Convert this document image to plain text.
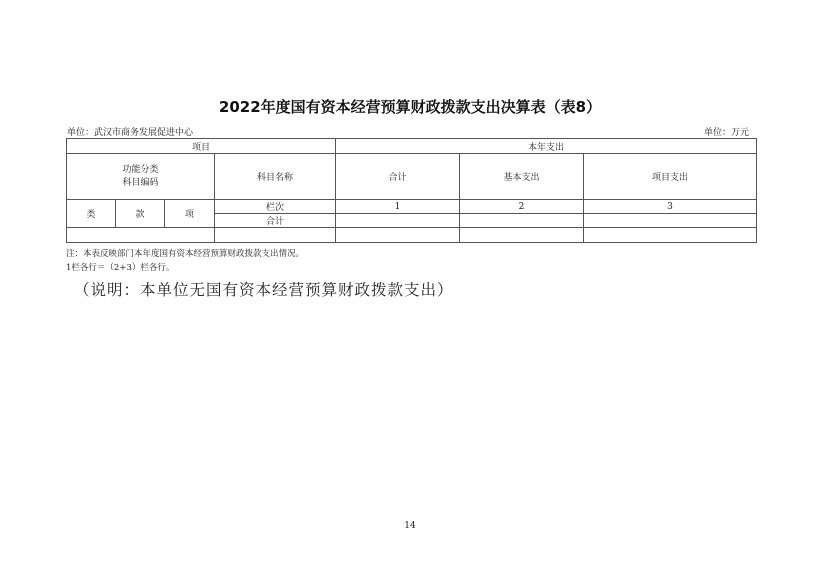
2022年度国有资本经营预算财政拨款支出决算表（表8）
单位：武汉市商务发展促进中心	单位：万元
项目				本年支出		

功能分类
科目编码			科目名称	合计	基本支出	项目支出
类	款	项	栏次	1	2	3
			合计			

注：本表反映部门本年度国有资本经营预算财政拨款支出情况。
1栏各行＝（2+3）栏各行。
（说明：本单位无国有资本经营预算财政拨款支出）
14
